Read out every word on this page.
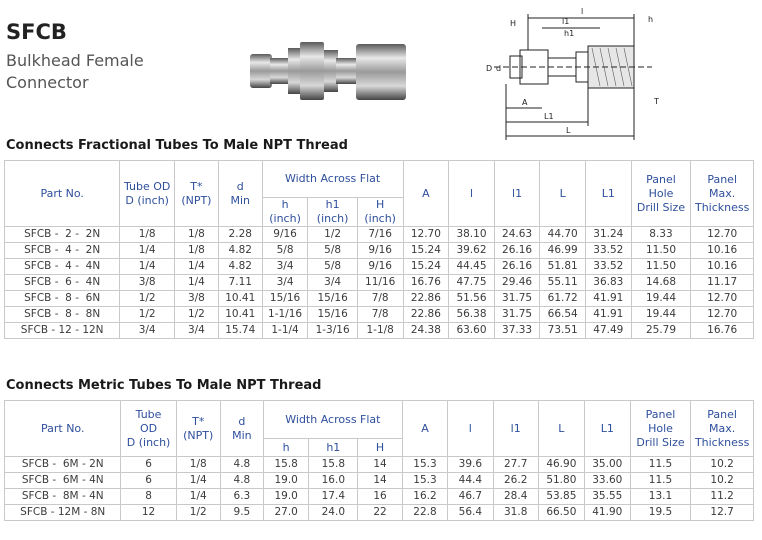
SFCB
Bulkhead Female
Connector
H
l
l1
h1
h
D d
A
L1
L
T
Connects Fractional Tubes To Male NPT Thread
Part No.	Tube OD
D (inch)	T*
(NPT)	d
Min	Width Across Flat			A	l	l1	L	L1	Panel
Hole
Drill Size	Panel
Max.
Thickness
				h (inch)	h1 (inch)	H (inch)							
SFCB -  2 -  2N	1/8	1/8	2.28	9/16	1/2	7/16	12.70	38.10	24.63	44.70	31.24	8.33	12.70
SFCB -  4 -  2N	1/4	1/8	4.82	5/8	5/8	9/16	15.24	39.62	26.16	46.99	33.52	11.50	10.16
SFCB -  4 -  4N	1/4	1/4	4.82	3/4	5/8	9/16	15.24	44.45	26.16	51.81	33.52	11.50	10.16
SFCB -  6 -  4N	3/8	1/4	7.11	3/4	3/4	11/16	16.76	47.75	29.46	55.11	36.83	14.68	11.17
SFCB -  8 -  6N	1/2	3/8	10.41	15/16	15/16	7/8	22.86	51.56	31.75	61.72	41.91	19.44	12.70
SFCB -  8 -  8N	1/2	1/2	10.41	1-1/16	15/16	7/8	22.86	56.38	31.75	66.54	41.91	19.44	12.70
SFCB - 12 - 12N	3/4	3/4	15.74	1-1/4	1-3/16	1-1/8	24.38	63.60	37.33	73.51	47.49	25.79	16.76
Connects Metric Tubes To Male NPT Thread
Part No.	Tube
OD
D (inch)	T*
(NPT)	d
Min	Width Across Flat			A	l	l1	L	L1	Panel
Hole
Drill Size	Panel
Max.
Thickness
				h	h1	H							
SFCB -  6M - 2N	6	1/8	4.8	15.8	15.8	14	15.3	39.6	27.7	46.90	35.00	11.5	10.2
SFCB -  6M - 4N	6	1/4	4.8	19.0	16.0	14	15.3	44.4	26.2	51.80	33.60	11.5	10.2
SFCB -  8M - 4N	8	1/4	6.3	19.0	17.4	16	16.2	46.7	28.4	53.85	35.55	13.1	11.2
SFCB - 12M - 8N	12	1/2	9.5	27.0	24.0	22	22.8	56.4	31.8	66.50	41.90	19.5	12.7
